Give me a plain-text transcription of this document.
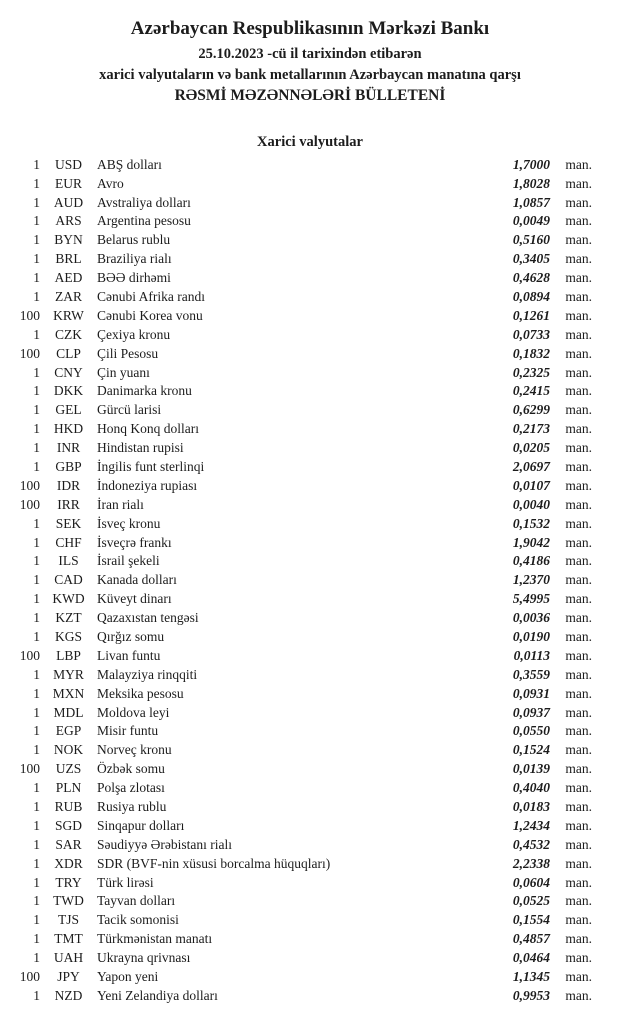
Azərbaycan Respublikasının Mərkəzi Bankı

25.10.2023 -cü il tarixindən etibarən

xarici valyutaların və bank metallarının Azərbaycan manatına qarşı

RƏSMİ MƏZƏNNƏLƏRİ BÜLLETENİ

Xarici valyutalar
1	USD	ABŞ dolları	1,7000	man.
1	EUR	Avro	1,8028	man.
1	AUD	Avstraliya dolları	1,0857	man.
1	ARS	Argentina pesosu	0,0049	man.
1	BYN	Belarus rublu	0,5160	man.
1	BRL	Braziliya rialı	0,3405	man.
1	AED	BƏƏ dirhəmi	0,4628	man.
1	ZAR	Cənubi Afrika randı	0,0894	man.
100 KRW Cənubi Korea vonu	0,1261	man.
1	CZK	Çexiya kronu	0,0733	man.
100	CLP	Çili Pesosu	0,1832	man.
1	CNY	Çin yuanı	0,2325	man.
1	DKK	Danimarka kronu	0,2415	man.
1	GEL	Gürcü larisi	0,6299	man.
1	HKD	Honq Konq dolları	0,2173	man.
1	INR	Hindistan rupisi	0,0205	man.
1	GBP	İngilis funt sterlinqi	2,0697	man.
100	IDR	İndoneziya rupiası	0,0107	man.
100	IRR	İran rialı	0,0040	man.
1	SEK	İsveç kronu	0,1532	man.
1	CHF	İsveçrə frankı	1,9042	man.
1	ILS	İsrail şekeli	0,4186	man.
1	CAD	Kanada dolları	1,2370	man.
1 KWD Küveyt dinarı	5,4995	man.
1	KZT	Qazaxıstan tengəsi	0,0036	man.
1	KGS	Qırğız somu	0,0190	man.
100	LBP	Livan funtu	0,0113	man.
1 MYR Malayziya rinqqiti	0,3559	man.
1 MXN Meksika pesosu	0,0931	man.
1	MDL	Moldova leyi	0,0937	man.
1	EGP	Misir funtu	0,0550	man.
1	NOK	Norveç kronu	0,1524	man.
100	UZS	Özbək somu	0,0139	man.
1	PLN	Polşa zlotası	0,4040	man.
1	RUB	Rusiya rublu	0,0183	man.
1	SGD	Sinqapur dolları	1,2434	man.
1	SAR	Səudiyyə Ərəbistanı rialı	0,4532	man.
1	XDR	SDR (BVF-nin xüsusi borcalma hüquqları)	2,2338	man.
1	TRY	Türk lirəsi	0,0604	man.
1 TWD Tayvan dolları	0,0525	man.
1	TJS	Tacik somonisi	0,1554	man.
1	TMT	Türkmənistan manatı	0,4857	man.
1	UAH	Ukrayna qrivnası	0,0464	man.
100	JPY	Yapon yeni	1,1345	man.
1	NZD	Yeni Zelandiya dolları	0,9953	man.
